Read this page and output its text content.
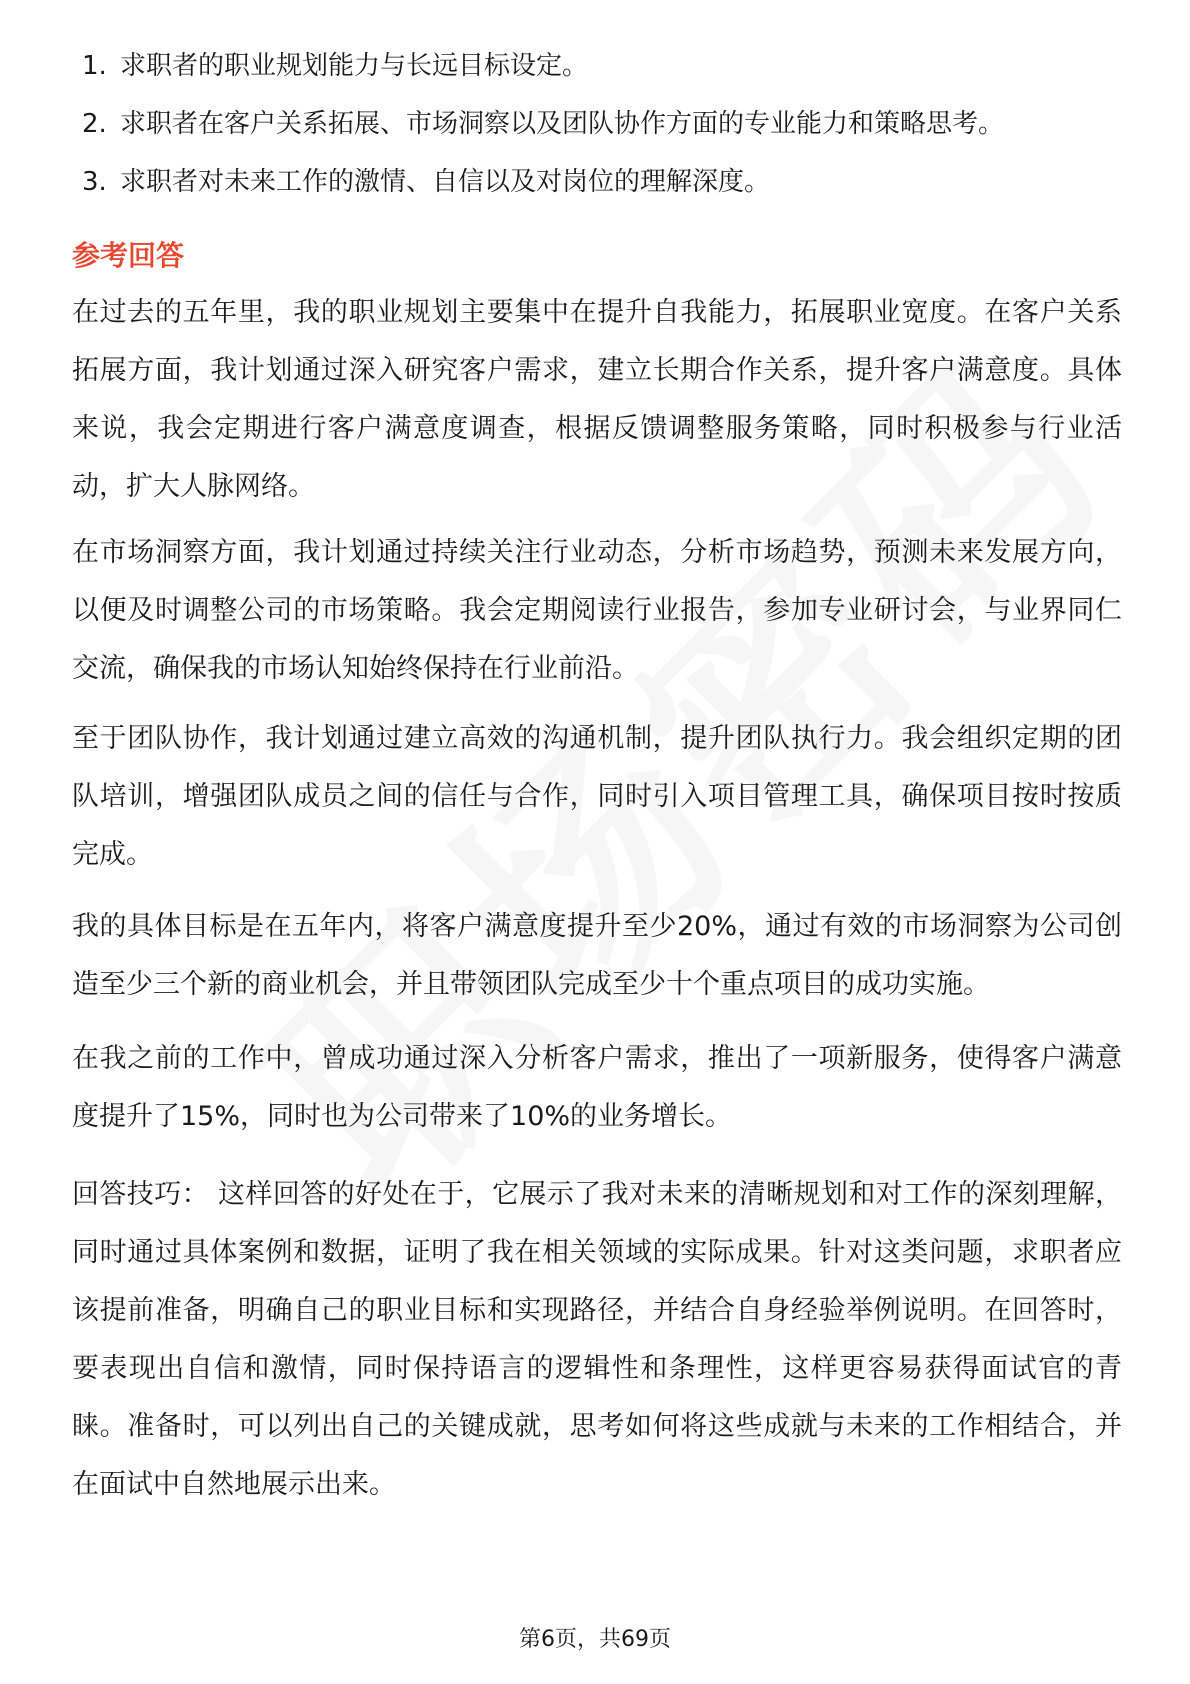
1. 求职者的职业规划能力与长远目标设定。
2. 求职者在客户关系拓展、市场洞察以及团队协作方面的专业能力和策略思考。
3. 求职者对未来工作的激情、自信以及对岗位的理解深度。
参考回答

在过去的五年里，我的职业规划主要集中在提升自我能力，拓展职业宽度。在客户关系拓展方面，我计划通过深入研究客户需求，建立长期合作关系，提升客户满意度。具体来说，我会定期进行客户满意度调查，根据反馈调整服务策略，同时积极参与行业活动，扩大人脉网络。

在市场洞察方面，我计划通过持续关注行业动态，分析市场趋势，预测未来发展方向，以便及时调整公司的市场策略。我会定期阅读行业报告，参加专业研讨会，与业界同仁交流，确保我的市场认知始终保持在行业前沿。

至于团队协作，我计划通过建立高效的沟通机制，提升团队执行力。我会组织定期的团队培训，增强团队成员之间的信任与合作，同时引入项目管理工具，确保项目按时按质完成。

我的具体目标是在五年内，将客户满意度提升至少20%，通过有效的市场洞察为公司创造至少三个新的商业机会，并且带领团队完成至少十个重点项目的成功实施。

在我之前的工作中，曾成功通过深入分析客户需求，推出了一项新服务，使得客户满意度提升了15%，同时也为公司带来了10%的业务增长。

回答技巧： 这样回答的好处在于，它展示了我对未来的清晰规划和对工作的深刻理解，同时通过具体案例和数据，证明了我在相关领域的实际成果。针对这类问题，求职者应该提前准备，明确自己的职业目标和实现路径，并结合自身经验举例说明。在回答时，要表现出自信和激情，同时保持语言的逻辑性和条理性，这样更容易获得面试官的青睐。准备时，可以列出自己的关键成就，思考如何将这些成就与未来的工作相结合，并在面试中自然地展示出来。

第6页，共69页
